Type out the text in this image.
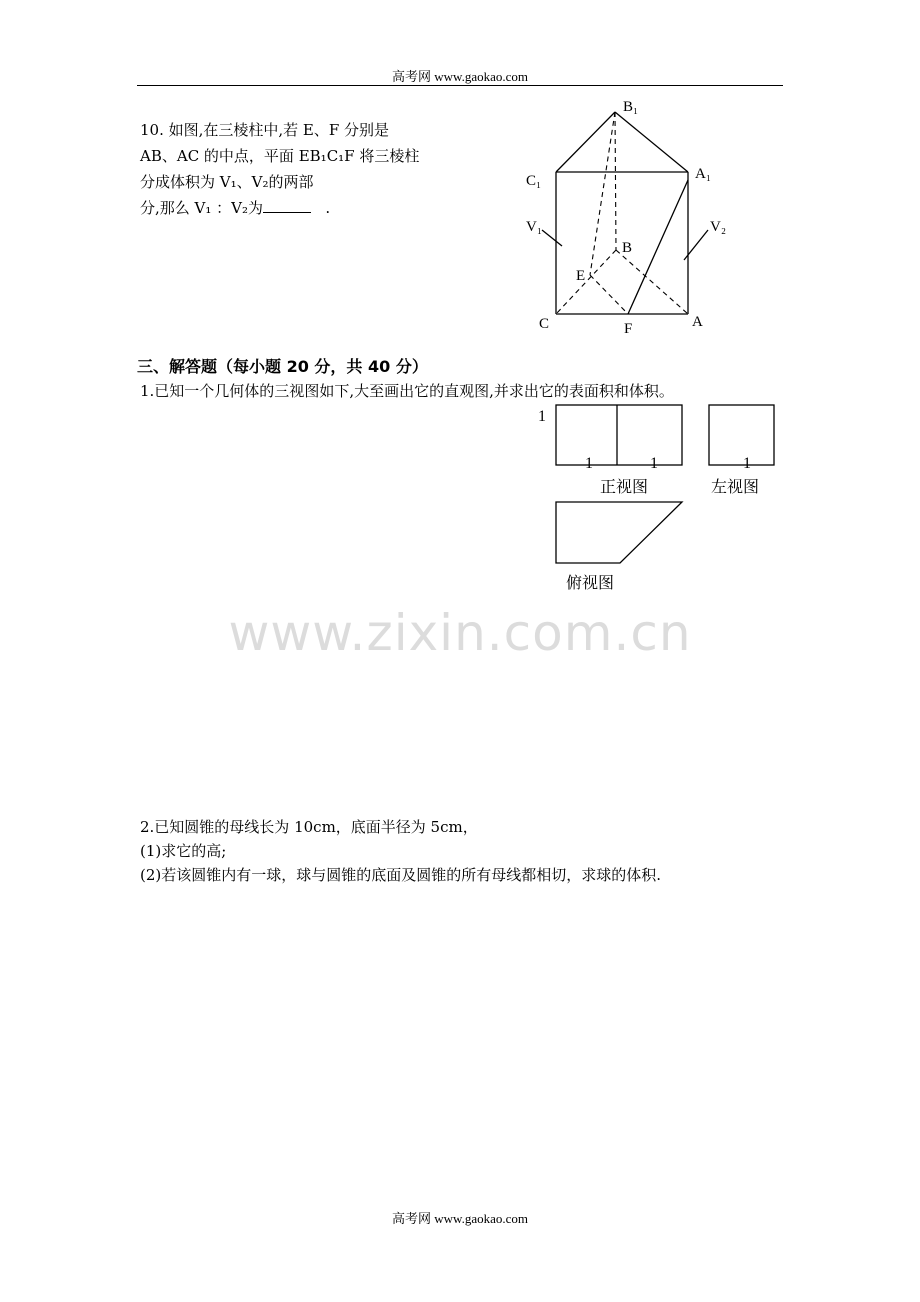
高考网 www.gaokao.com
10. 如图,在三棱柱中,若 E、F 分别是
AB、AC 的中点，平面 EB₁C₁F 将三棱柱
分成体积为 V₁、V₂的两部
分,那么 V₁ ：V₂为	.
B₁
C₁	A₁
V₁	V₂
B
E
C	F	A
三、解答题（每小题 20 分，共 40 分）
1.已知一个几何体的三视图如下,大至画出它的直观图,并求出它的表面积和体积。
1
1	1	1
正视图	左视图
俯视图
www.zixin.com.cn
2.已知圆锥的母线长为 10cm，底面半径为 5cm，
(1)求它的高;
(2)若该圆锥内有一球，球与圆锥的底面及圆锥的所有母线都相切，求球的体积.
高考网 www.gaokao.com
